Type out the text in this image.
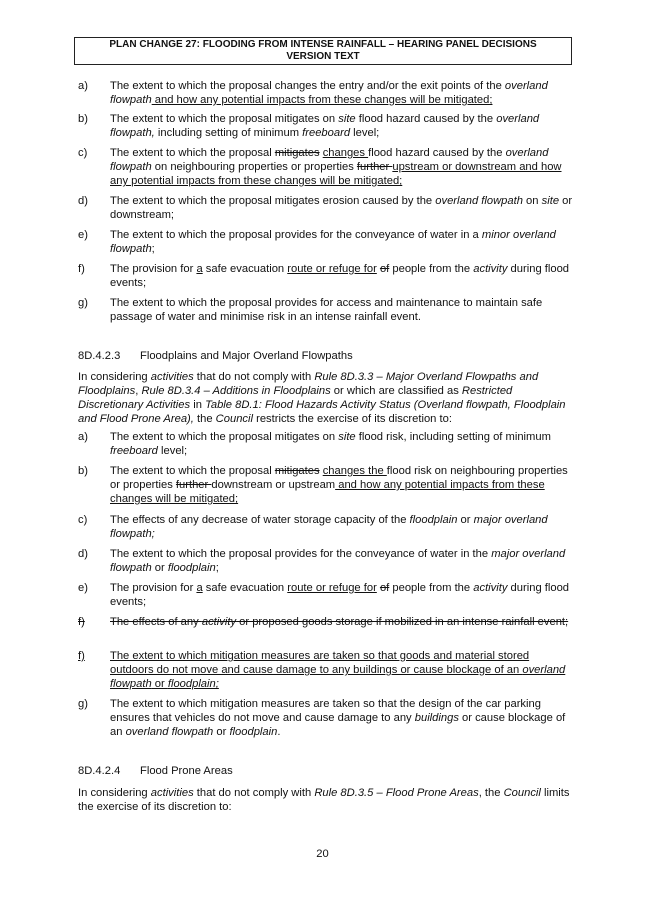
PLAN CHANGE 27: FLOODING FROM INTENSE RAINFALL – HEARING PANEL DECISIONS
VERSION TEXT
a) The extent to which the proposal changes the entry and/or the exit points of the overland flowpath and how any potential impacts from these changes will be mitigated;
b) The extent to which the proposal mitigates on site flood hazard caused by the overland flowpath, including setting of minimum freeboard level;
c) The extent to which the proposal mitigates changes flood hazard caused by the overland flowpath on neighbouring properties or properties further upstream or downstream and how any potential impacts from these changes will be mitigated;
d) The extent to which the proposal mitigates erosion caused by the overland flowpath on site or downstream;
e) The extent to which the proposal provides for the conveyance of water in a minor overland flowpath;
f) The provision for a safe evacuation route or refuge for of people from the activity during flood events;
g) The extent to which the proposal provides for access and maintenance to maintain safe passage of water and minimise risk in an intense rainfall event.
8D.4.2.3 Floodplains and Major Overland Flowpaths
In considering activities that do not comply with Rule 8D.3.3 – Major Overland Flowpaths and Floodplains, Rule 8D.3.4 – Additions in Floodplains or which are classified as Restricted Discretionary Activities in Table 8D.1: Flood Hazards Activity Status (Overland flowpath, Floodplain and Flood Prone Area), the Council restricts the exercise of its discretion to:
a) The extent to which the proposal mitigates on site flood risk, including setting of minimum freeboard level;
b) The extent to which the proposal mitigates changes the flood risk on neighbouring properties or properties further downstream or upstream and how any potential impacts from these changes will be mitigated;
c) The effects of any decrease of water storage capacity of the floodplain or major overland flowpath;
d) The extent to which the proposal provides for the conveyance of water in the major overland flowpath or floodplain;
e) The provision for a safe evacuation route or refuge for of people from the activity during flood events;
f) The effects of any activity or proposed goods storage if mobilized in an intense rainfall event;
f) The extent to which mitigation measures are taken so that goods and material stored outdoors do not move and cause damage to any buildings or cause blockage of an overland flowpath or floodplain;
g) The extent to which mitigation measures are taken so that the design of the car parking ensures that vehicles do not move and cause damage to any buildings or cause blockage of an overland flowpath or floodplain.
8D.4.2.4 Flood Prone Areas
In considering activities that do not comply with Rule 8D.3.5 – Flood Prone Areas, the Council limits the exercise of its discretion to:
20
